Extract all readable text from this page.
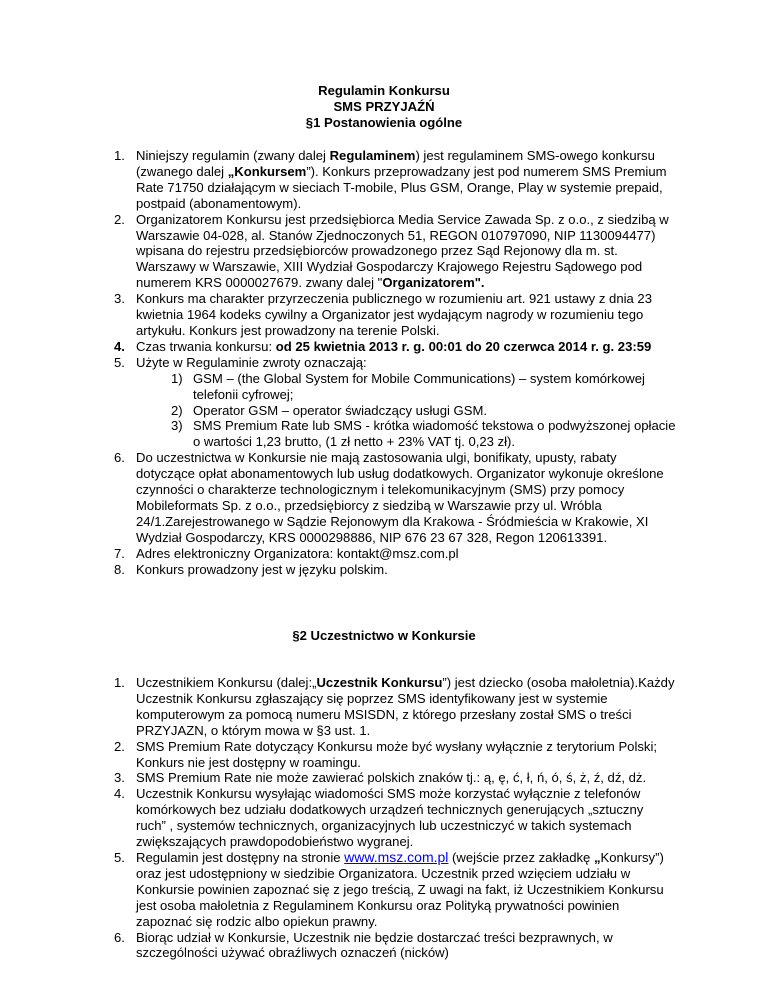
Regulamin Konkursu
SMS PRZYJAŹŃ
§1 Postanowienia ogólne
1. Niniejszy regulamin (zwany dalej Regulaminem) jest regulaminem SMS-owego konkursu (zwanego dalej „Konkursem”). Konkurs przeprowadzany jest pod numerem SMS Premium Rate 71750 działającym w sieciach T-mobile, Plus GSM, Orange, Play w systemie prepaid, postpaid (abonamentowym).
2. Organizatorem Konkursu jest przedsiębiorca Media Service Zawada Sp. z o.o., z siedzibą w Warszawie 04-028, al. Stanów Zjednoczonych 51, REGON 010797090, NIP 1130094477) wpisana do rejestru przedsiębiorców prowadzonego przez Sąd Rejonowy dla m. st. Warszawy w Warszawie, XIII Wydział Gospodarczy Krajowego Rejestru Sądowego pod numerem KRS 0000027679. zwany dalej "Organizatorem".
3. Konkurs ma charakter przyrzeczenia publicznego w rozumieniu art. 921 ustawy z dnia 23 kwietnia 1964 kodeks cywilny a Organizator jest wydającym nagrody w rozumieniu tego artykułu. Konkurs jest prowadzony na terenie Polski.
4. Czas trwania konkursu: od 25 kwietnia 2013 r. g. 00:01 do 20 czerwca 2014 r. g. 23:59
5. Użyte w Regulaminie zwroty oznaczają:
1) GSM – (the Global System for Mobile Communications) – system komórkowej telefonii cyfrowej;
2) Operator GSM – operator świadczący usługi GSM.
3) SMS Premium Rate lub SMS - krótka wiadomość tekstowa o podwyższonej opłacie o wartości 1,23 brutto, (1 zł netto + 23% VAT tj. 0,23 zł).
6. Do uczestnictwa w Konkursie nie mają zastosowania ulgi, bonifikaty, upusty, rabaty dotyczące opłat abonamentowych lub usług dodatkowych. Organizator wykonuje określone czynności o charakterze technologicznym i telekomunikacyjnym (SMS) przy pomocy Mobileformats Sp. z o.o., przedsiębiorcy z siedzibą w Warszawie przy ul. Wróbla 24/1.Zarejestrowanego w Sądzie Rejonowym dla Krakowa - Śródmieścia w Krakowie, XI Wydział Gospodarczy, KRS 0000298886, NIP 676 23 67 328, Regon 120613391.
7. Adres elektroniczny Organizatora: kontakt@msz.com.pl
8. Konkurs prowadzony jest w języku polskim.
§2 Uczestnictwo w Konkursie
1. Uczestnikiem Konkursu (dalej:„Uczestnik Konkursu”) jest dziecko (osoba małoletnia).Każdy Uczestnik Konkursu zgłaszający się poprzez SMS identyfikowany jest w systemie komputerowym za pomocą numeru MSISDN, z którego przesłany został SMS o treści PRZYJAZN, o którym mowa w §3 ust. 1.
2. SMS Premium Rate dotyczący Konkursu może być wysłany wyłącznie z terytorium Polski; Konkurs nie jest dostępny w roamingu.
3. SMS Premium Rate nie może zawierać polskich znaków tj.: ą, ę, ć, ł, ń, ó, ś, ż, ź, dź, dż.
4. Uczestnik Konkursu wysyłając wiadomości SMS może korzystać wyłącznie z telefonów komórkowych bez udziału dodatkowych urządzeń technicznych generujących „sztuczny ruch” , systemów technicznych, organizacyjnych lub uczestniczyć w takich systemach zwiększających prawdopodobieństwo wygranej.
5. Regulamin jest dostępny na stronie www.msz.com.pl (wejście przez zakładkę „Konkursy”) oraz jest udostępniony w siedzibie Organizatora. Uczestnik przed wzięciem udziału w Konkursie powinien zapoznać się z jego treścią, Z uwagi na fakt, iż Uczestnikiem Konkursu jest osoba małoletnia z Regulaminem Konkursu oraz Polityką prywatności powinien zapoznać się rodzic albo opiekun prawny.
6. Biorąc udział w Konkursie, Uczestnik nie będzie dostarczać treści bezprawnych, w szczególności używać obraźliwych oznaczeń (nicków)
